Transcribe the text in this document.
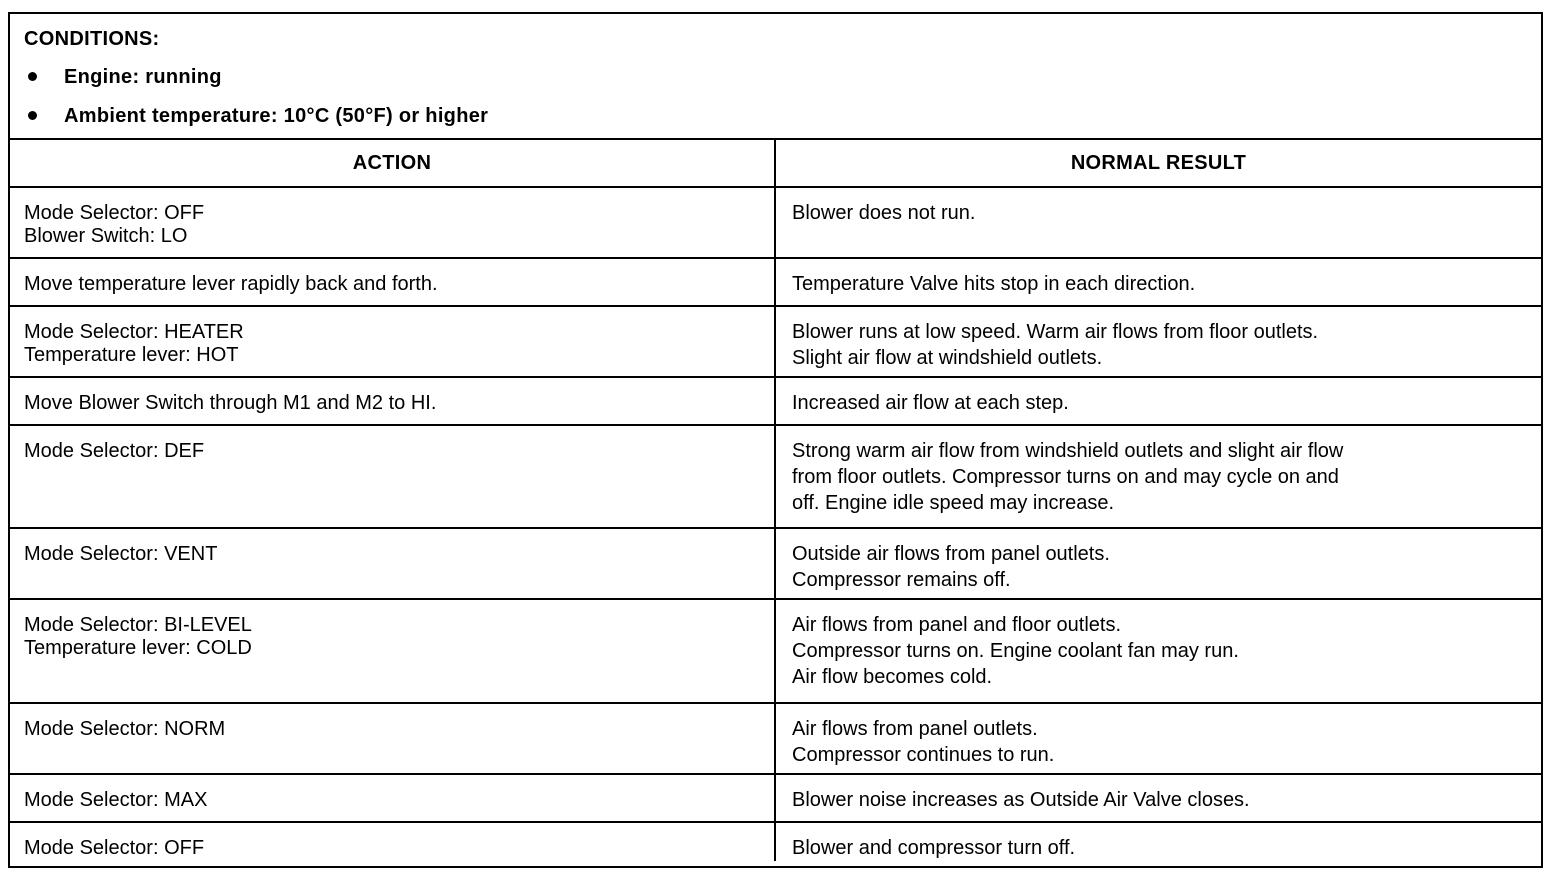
CONDITIONS:
Engine: running
Ambient temperature: 10°C (50°F) or higher
ACTION	NORMAL RESULT

Mode Selector: OFF
Blower Switch: LO	Blower does not run.

Move temperature lever rapidly back and forth.	Temperature Valve hits stop in each direction.

Mode Selector: HEATER
Temperature lever: HOT	Blower runs at low speed. Warm air flows from floor outlets.
Slight air flow at windshield outlets.

Move Blower Switch through M1 and M2 to HI.	Increased air flow at each step.

Mode Selector: DEF	Strong warm air flow from windshield outlets and slight air flow
from floor outlets. Compressor turns on and may cycle on and
off. Engine idle speed may increase.

Mode Selector: VENT	Outside air flows from panel outlets.
Compressor remains off.

Mode Selector: BI-LEVEL
Temperature lever: COLD	Air flows from panel and floor outlets.
Compressor turns on. Engine coolant fan may run.
Air flow becomes cold.

Mode Selector: NORM	Air flows from panel outlets.
Compressor continues to run.

Mode Selector: MAX	Blower noise increases as Outside Air Valve closes.

Mode Selector: OFF	Blower and compressor turn off.
